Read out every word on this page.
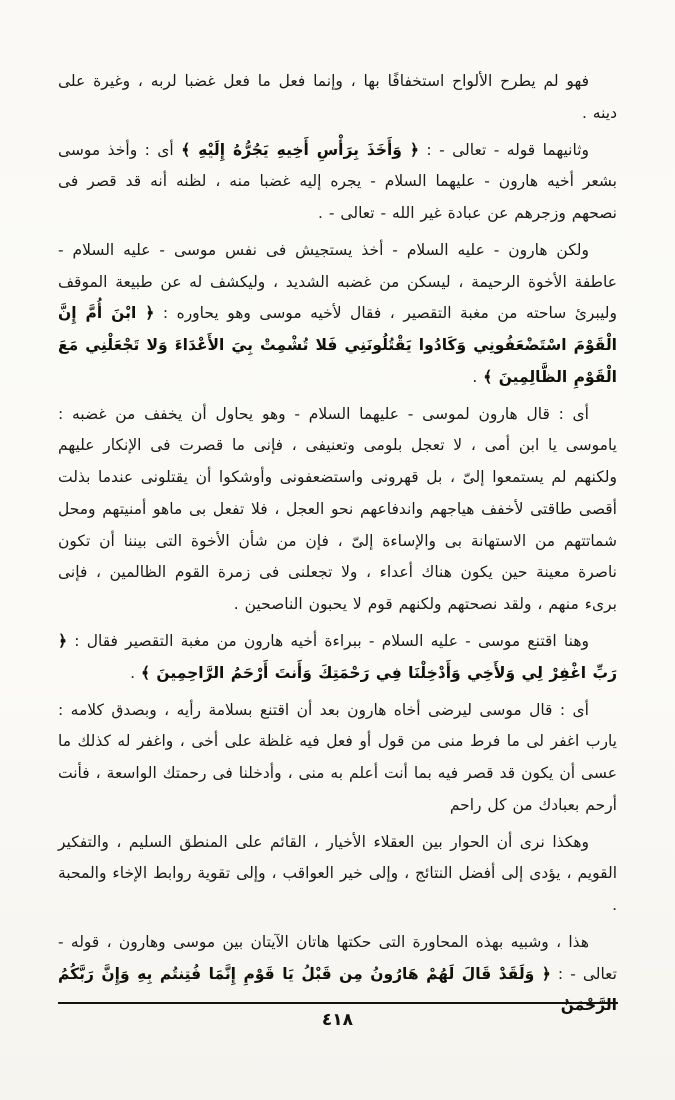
فهو لم يطرح الألواح استخفافًا بها ، وإنما فعل ما فعل غضبا لربه ، وغيرة على دينه .

وثانيهما قوله - تعالى - : ﴿ وَأَخَذَ بِرَأْسِ أَخِيهِ يَجُرُّهُ إِلَيْهِ ﴾ أى : وأخذ موسى بشعر أخيه هارون - عليهما السلام - يجره إليه غضبا منه ، لظنه أنه قد قصر فى نصحهم وزجرهم عن عبادة غير الله - تعالى - .

ولكن هارون - عليه السلام - أخذ يستجيش فى نفس موسى - عليه السلام - عاطفة الأخوة الرحيمة ، ليسكن من غضبه الشديد ، وليكشف له عن طبيعة الموقف وليبرئ ساحته من مغبة التقصير ، فقال لأخيه موسى وهو يحاوره : ﴿ ابْنَ أُمَّ إِنَّ الْقَوْمَ اسْتَضْعَفُونِي وَكَادُوا يَقْتُلُونَنِي فَلا تُشْمِتْ بِيَ الأَعْدَاءَ وَلا تَجْعَلْنِي مَعَ الْقَوْمِ الظَّالِمِينَ ﴾ .

أى : قال هارون لموسى - عليهما السلام - وهو يحاول أن يخفف من غضبه : ياموسى يا ابن أمى ، لا تعجل بلومى وتعنيفى ، فإنى ما قصرت فى الإنكار عليهم ولكنهم لم يستمعوا إلىّ ، بل قهرونى واستضعفونى وأوشكوا أن يقتلونى عندما بذلت أقصى طاقتى لأخفف هياجهم واندفاعهم نحو العجل ، فلا تفعل بى ماهو أمنيتهم ومحل شماتتهم من الاستهانة بى والإساءة إلىّ ، فإن من شأن الأخوة التى بيننا أن تكون ناصرة معينة حين يكون هناك أعداء ، ولا تجعلنى فى زمرة القوم الظالمين ، فإنى برىء منهم ، ولقد نصحتهم ولكنهم قوم لا يحبون الناصحين .

وهنا اقتنع موسى - عليه السلام - ببراءة أخيه هارون من مغبة التقصير فقال : ﴿ رَبِّ اغْفِرْ لِي وَلأَخِي وَأَدْخِلْنَا فِي رَحْمَتِكَ وَأَنتَ أَرْحَمُ الرَّاحِمِينَ ﴾ .

أى : قال موسى ليرضى أخاه هارون بعد أن اقتنع بسلامة رأيه ، وبصدق كلامه : يارب اغفر لى ما فرط منى من قول أو فعل فيه غلظة على أخى ، واغفر له كذلك ما عسى أن يكون قد قصر فيه بما أنت أعلم به منى ، وأدخلنا فى رحمتك الواسعة ، فأنت أرحم بعبادك من كل راحم

وهكذا نرى أن الحوار بين العقلاء الأخيار ، القائم على المنطق السليم ، والتفكير القويم ، يؤدى إلى أفضل النتائج ، وإلى خير العواقب ، وإلى تقوية روابط الإخاء والمحبة .

هذا ، وشبيه بهذه المحاورة التى حكتها هاتان الآيتان بين موسى وهارون ، قوله - تعالى - : ﴿ وَلَقَدْ قَالَ لَهُمْ هَارُونُ مِن قَبْلُ يَا قَوْمِ إِنَّمَا فُتِنتُم بِهِ وَإِنَّ رَبَّكُمُ الرَّحْمَنُ

٤١٨
